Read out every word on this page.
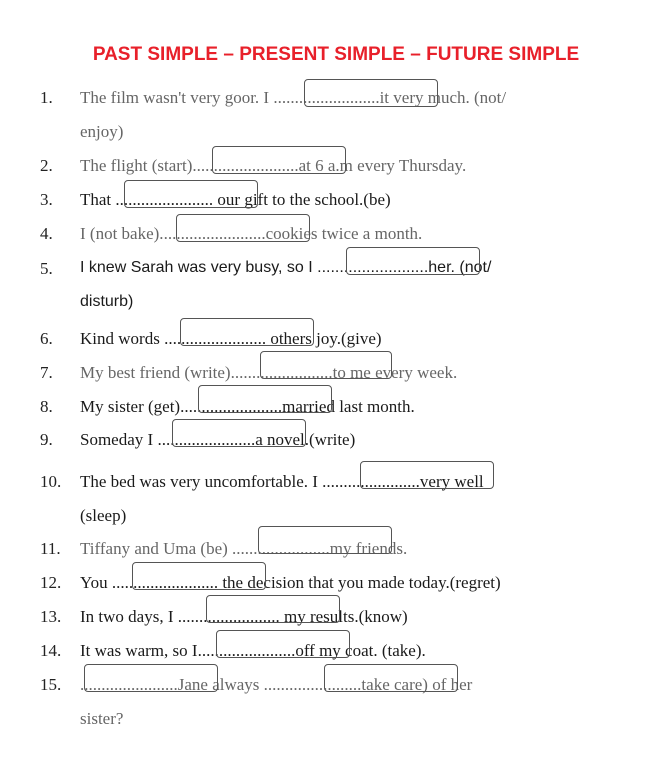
PAST SIMPLE – PRESENT SIMPLE – FUTURE SIMPLE
1. The film wasn't very goor. I .........................it very much. (not/
enjoy)
2. The flight (start).........................at 6 a.m every Thursday.
3. That ....................... our gift to the school.(be)
4. I (not bake).........................cookies twice a month.
5. I knew Sarah was very busy, so I .........................her. (not/
disturb)
6. Kind words ........................ others joy.(give)
7. My best friend (write)........................to me every week.
8. My sister (get)........................married last month.
9. Someday I .......................a novel.(write)
10. The bed was very uncomfortable. I .......................very well
(sleep)
11. Tiffany and Uma (be) .......................my friends.
12. You ......................... the decision that you made today.(regret)
13. In two days, I ........................ my results.(know)
14. It was warm, so I.......................off my coat. (take).
15. .......................Jane always .......................take care) of her
sister?
